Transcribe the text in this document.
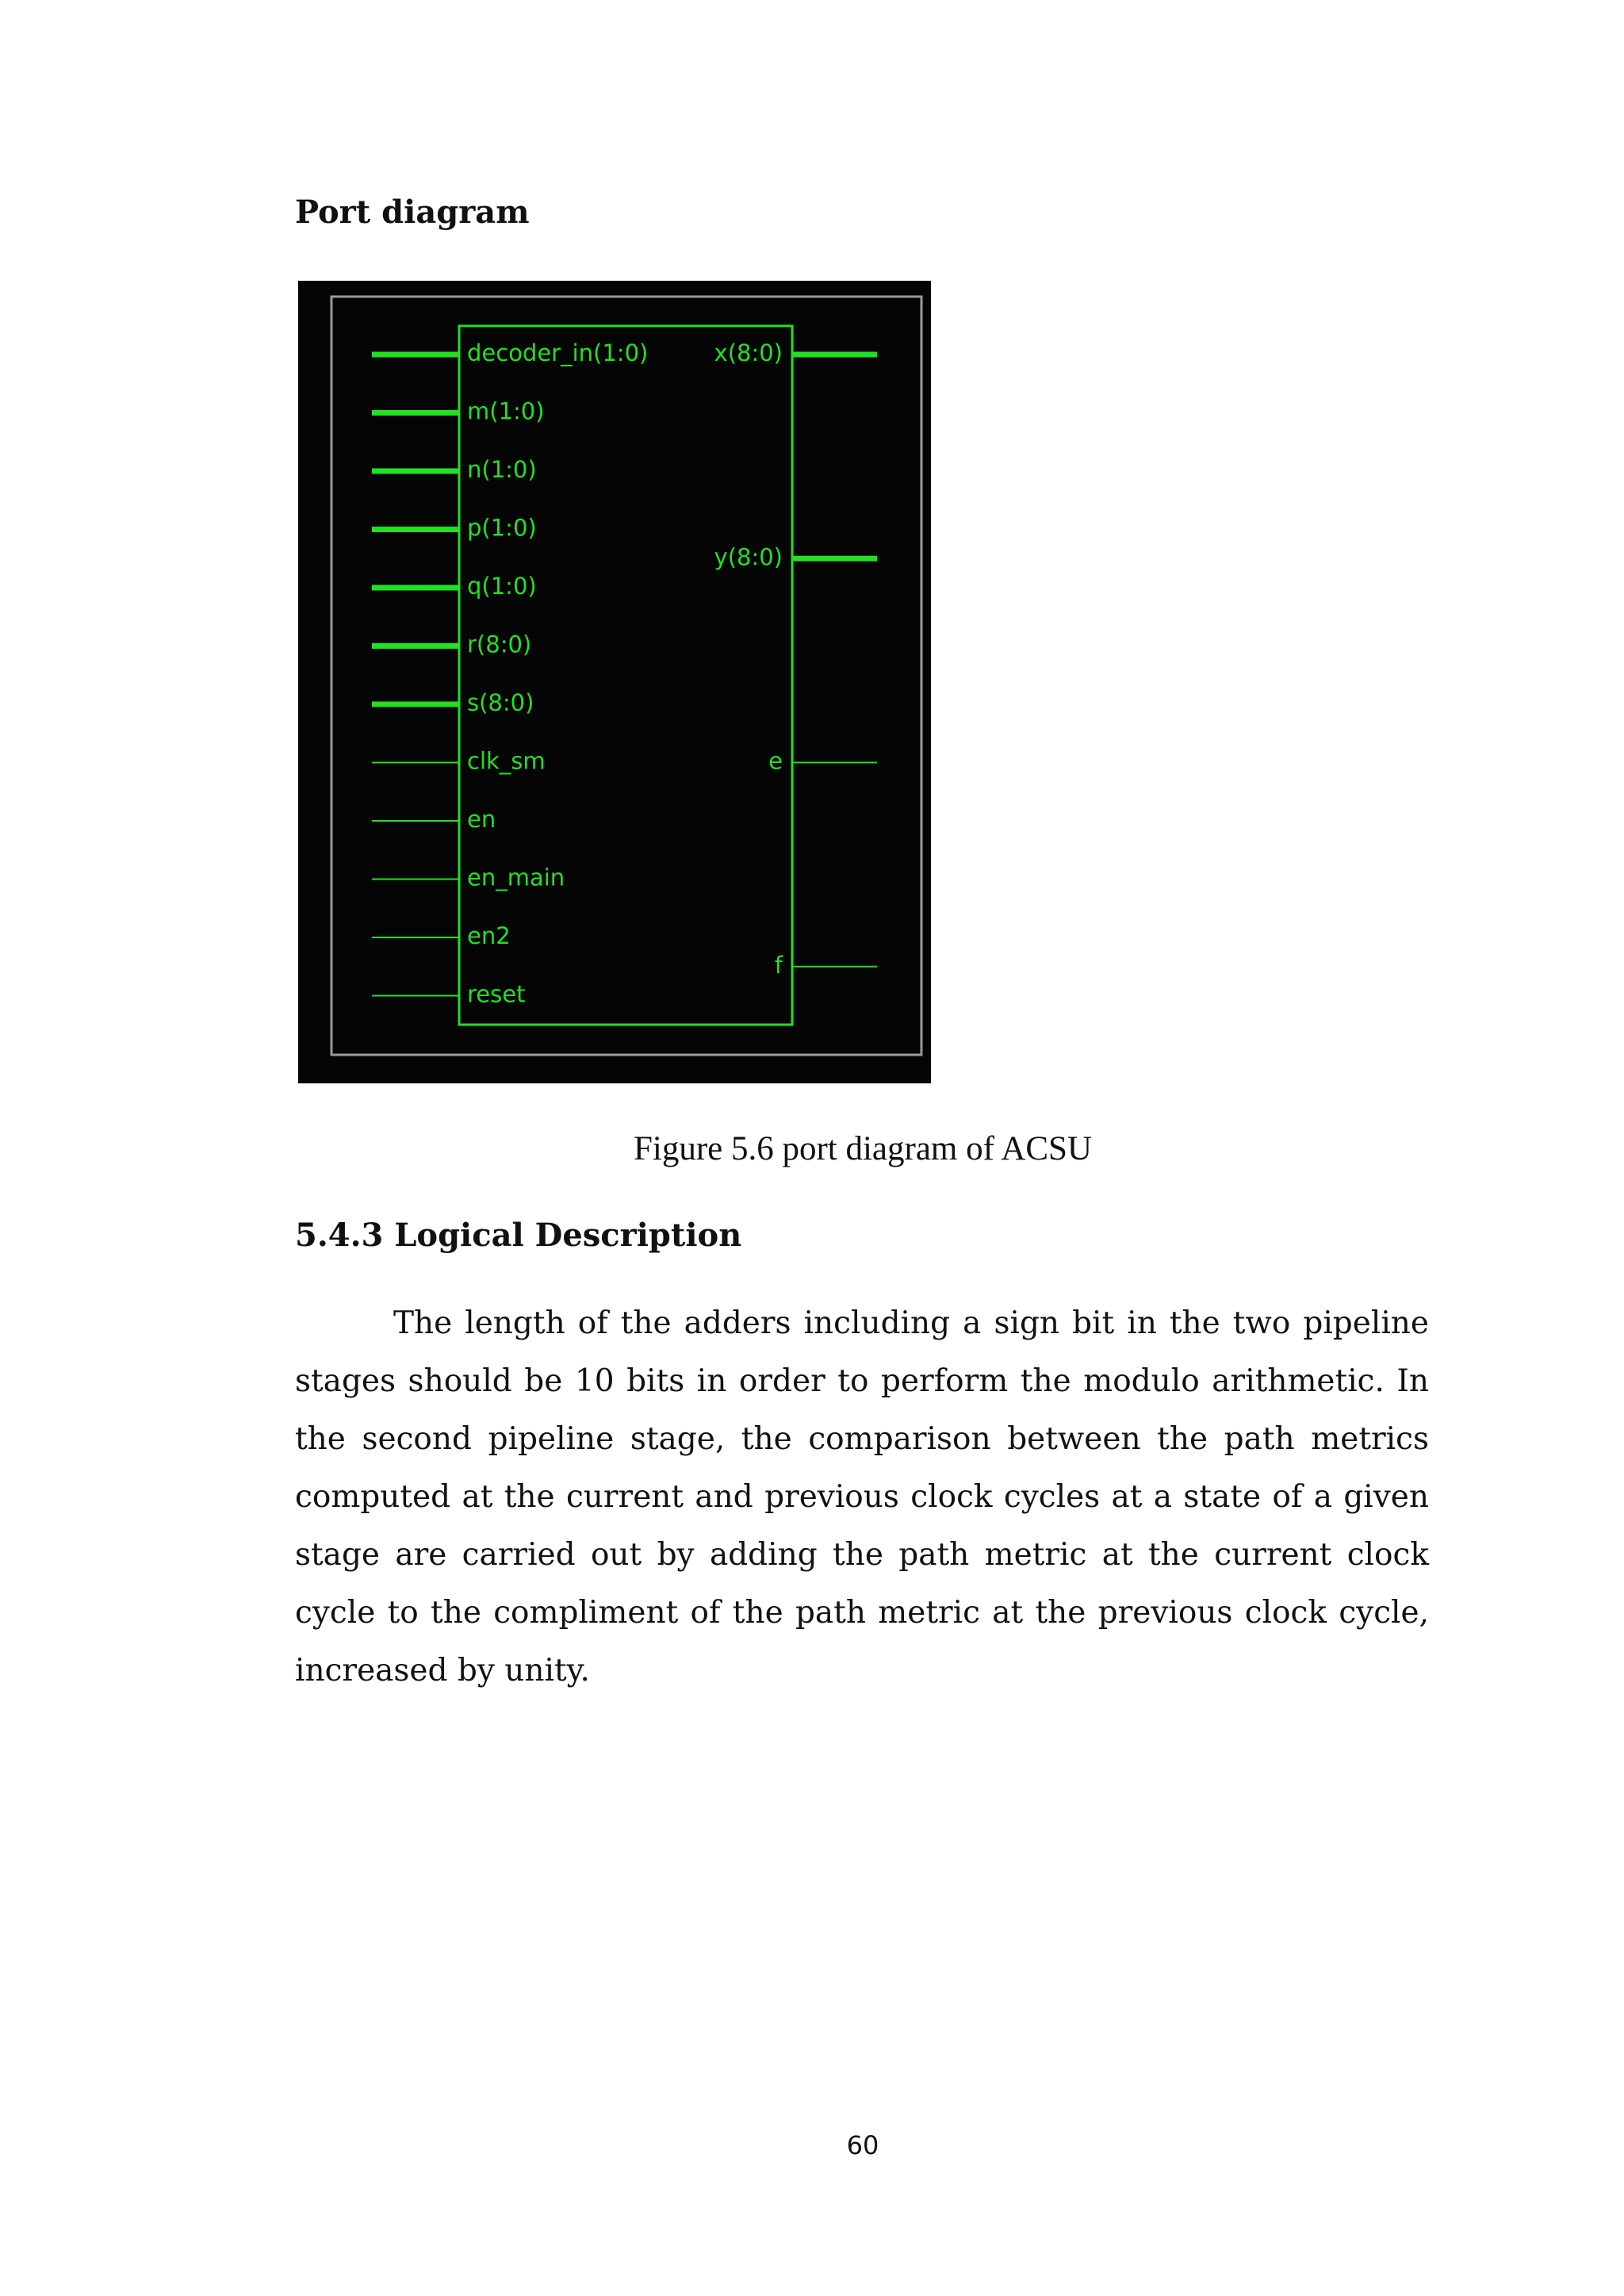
Port diagram
decoder_in(1:0)
m(1:0)
n(1:0)
p(1:0)
q(1:0)
r(8:0)
s(8:0)
clk_sm
en
en_main
en2
reset
x(8:0)
y(8:0)
e
f

Figure 5.6 port diagram of ACSU

5.4.3 Logical Description

The length of the adders including a sign bit in the two pipeline stages should be 10 bits in order to perform the modulo arithmetic. In the second pipeline stage, the comparison between the path metrics computed at the current and previous clock cycles at a state of a given stage are carried out by adding the path metric at the current clock cycle to the compliment of the path metric at the previous clock cycle, increased by unity.

60
